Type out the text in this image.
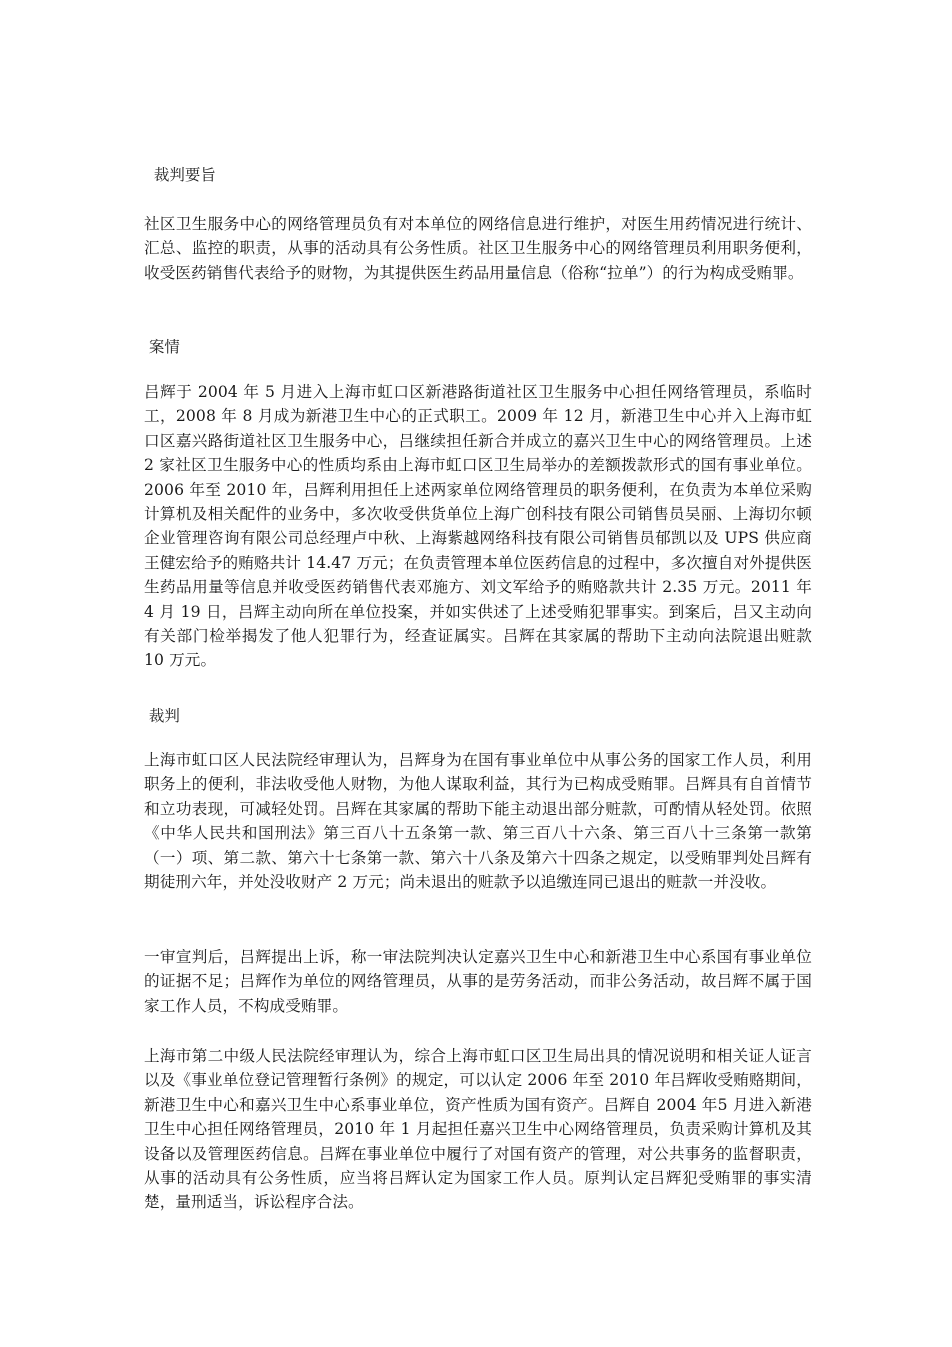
裁判要旨
社区卫生服务中心的网络管理员负有对本单位的网络信息进行维护，对医生用药情况进行统计、汇总、监控的职责，从事的活动具有公务性质。社区卫生服务中心的网络管理员利用职务便利，收受医药销售代表给予的财物，为其提供医生药品用量信息（俗称“拉单”）的行为构成受贿罪。
案情
吕辉于 2004 年 5 月进入上海市虹口区新港路街道社区卫生服务中心担任网络管理员，系临时工，2008 年 8 月成为新港卫生中心的正式职工。2009 年 12 月，新港卫生中心并入上海市虹口区嘉兴路街道社区卫生服务中心，吕继续担任新合并成立的嘉兴卫生中心的网络管理员。上述 2 家社区卫生服务中心的性质均系由上海市虹口区卫生局举办的差额拨款形式的国有事业单位。2006 年至 2010 年，吕辉利用担任上述两家单位网络管理员的职务便利，在负责为本单位采购计算机及相关配件的业务中，多次收受供货单位上海广创科技有限公司销售员吴丽、上海切尔顿企业管理咨询有限公司总经理卢中秋、上海紫越网络科技有限公司销售员郁凯以及 UPS 供应商王健宏给予的贿赂共计 14.47 万元；在负责管理本单位医药信息的过程中，多次擅自对外提供医生药品用量等信息并收受医药销售代表邓施方、刘文军给予的贿赂款共计 2.35 万元。2011 年 4 月 19 日，吕辉主动向所在单位投案，并如实供述了上述受贿犯罪事实。到案后，吕又主动向有关部门检举揭发了他人犯罪行为，经查证属实。吕辉在其家属的帮助下主动向法院退出赃款 10 万元。
裁判
上海市虹口区人民法院经审理认为，吕辉身为在国有事业单位中从事公务的国家工作人员，利用职务上的便利，非法收受他人财物，为他人谋取利益，其行为已构成受贿罪。吕辉具有自首情节和立功表现，可减轻处罚。吕辉在其家属的帮助下能主动退出部分赃款，可酌情从轻处罚。依照《中华人民共和国刑法》第三百八十五条第一款、第三百八十六条、第三百八十三条第一款第（一）项、第二款、第六十七条第一款、第六十八条及第六十四条之规定，以受贿罪判处吕辉有期徒刑六年，并处没收财产 2 万元；尚未退出的赃款予以追缴连同已退出的赃款一并没收。
一审宣判后，吕辉提出上诉，称一审法院判决认定嘉兴卫生中心和新港卫生中心系国有事业单位的证据不足；吕辉作为单位的网络管理员，从事的是劳务活动，而非公务活动，故吕辉不属于国家工作人员，不构成受贿罪。
上海市第二中级人民法院经审理认为，综合上海市虹口区卫生局出具的情况说明和相关证人证言以及《事业单位登记管理暂行条例》的规定，可以认定 2006 年至 2010 年吕辉收受贿赂期间，新港卫生中心和嘉兴卫生中心系事业单位，资产性质为国有资产。吕辉自 2004 年5 月进入新港卫生中心担任网络管理员，2010 年 1 月起担任嘉兴卫生中心网络管理员，负责采购计算机及其设备以及管理医药信息。吕辉在事业单位中履行了对国有资产的管理，对公共事务的监督职责，从事的活动具有公务性质，应当将吕辉认定为国家工作人员。原判认定吕辉犯受贿罪的事实清楚，量刑适当，诉讼程序合法。
